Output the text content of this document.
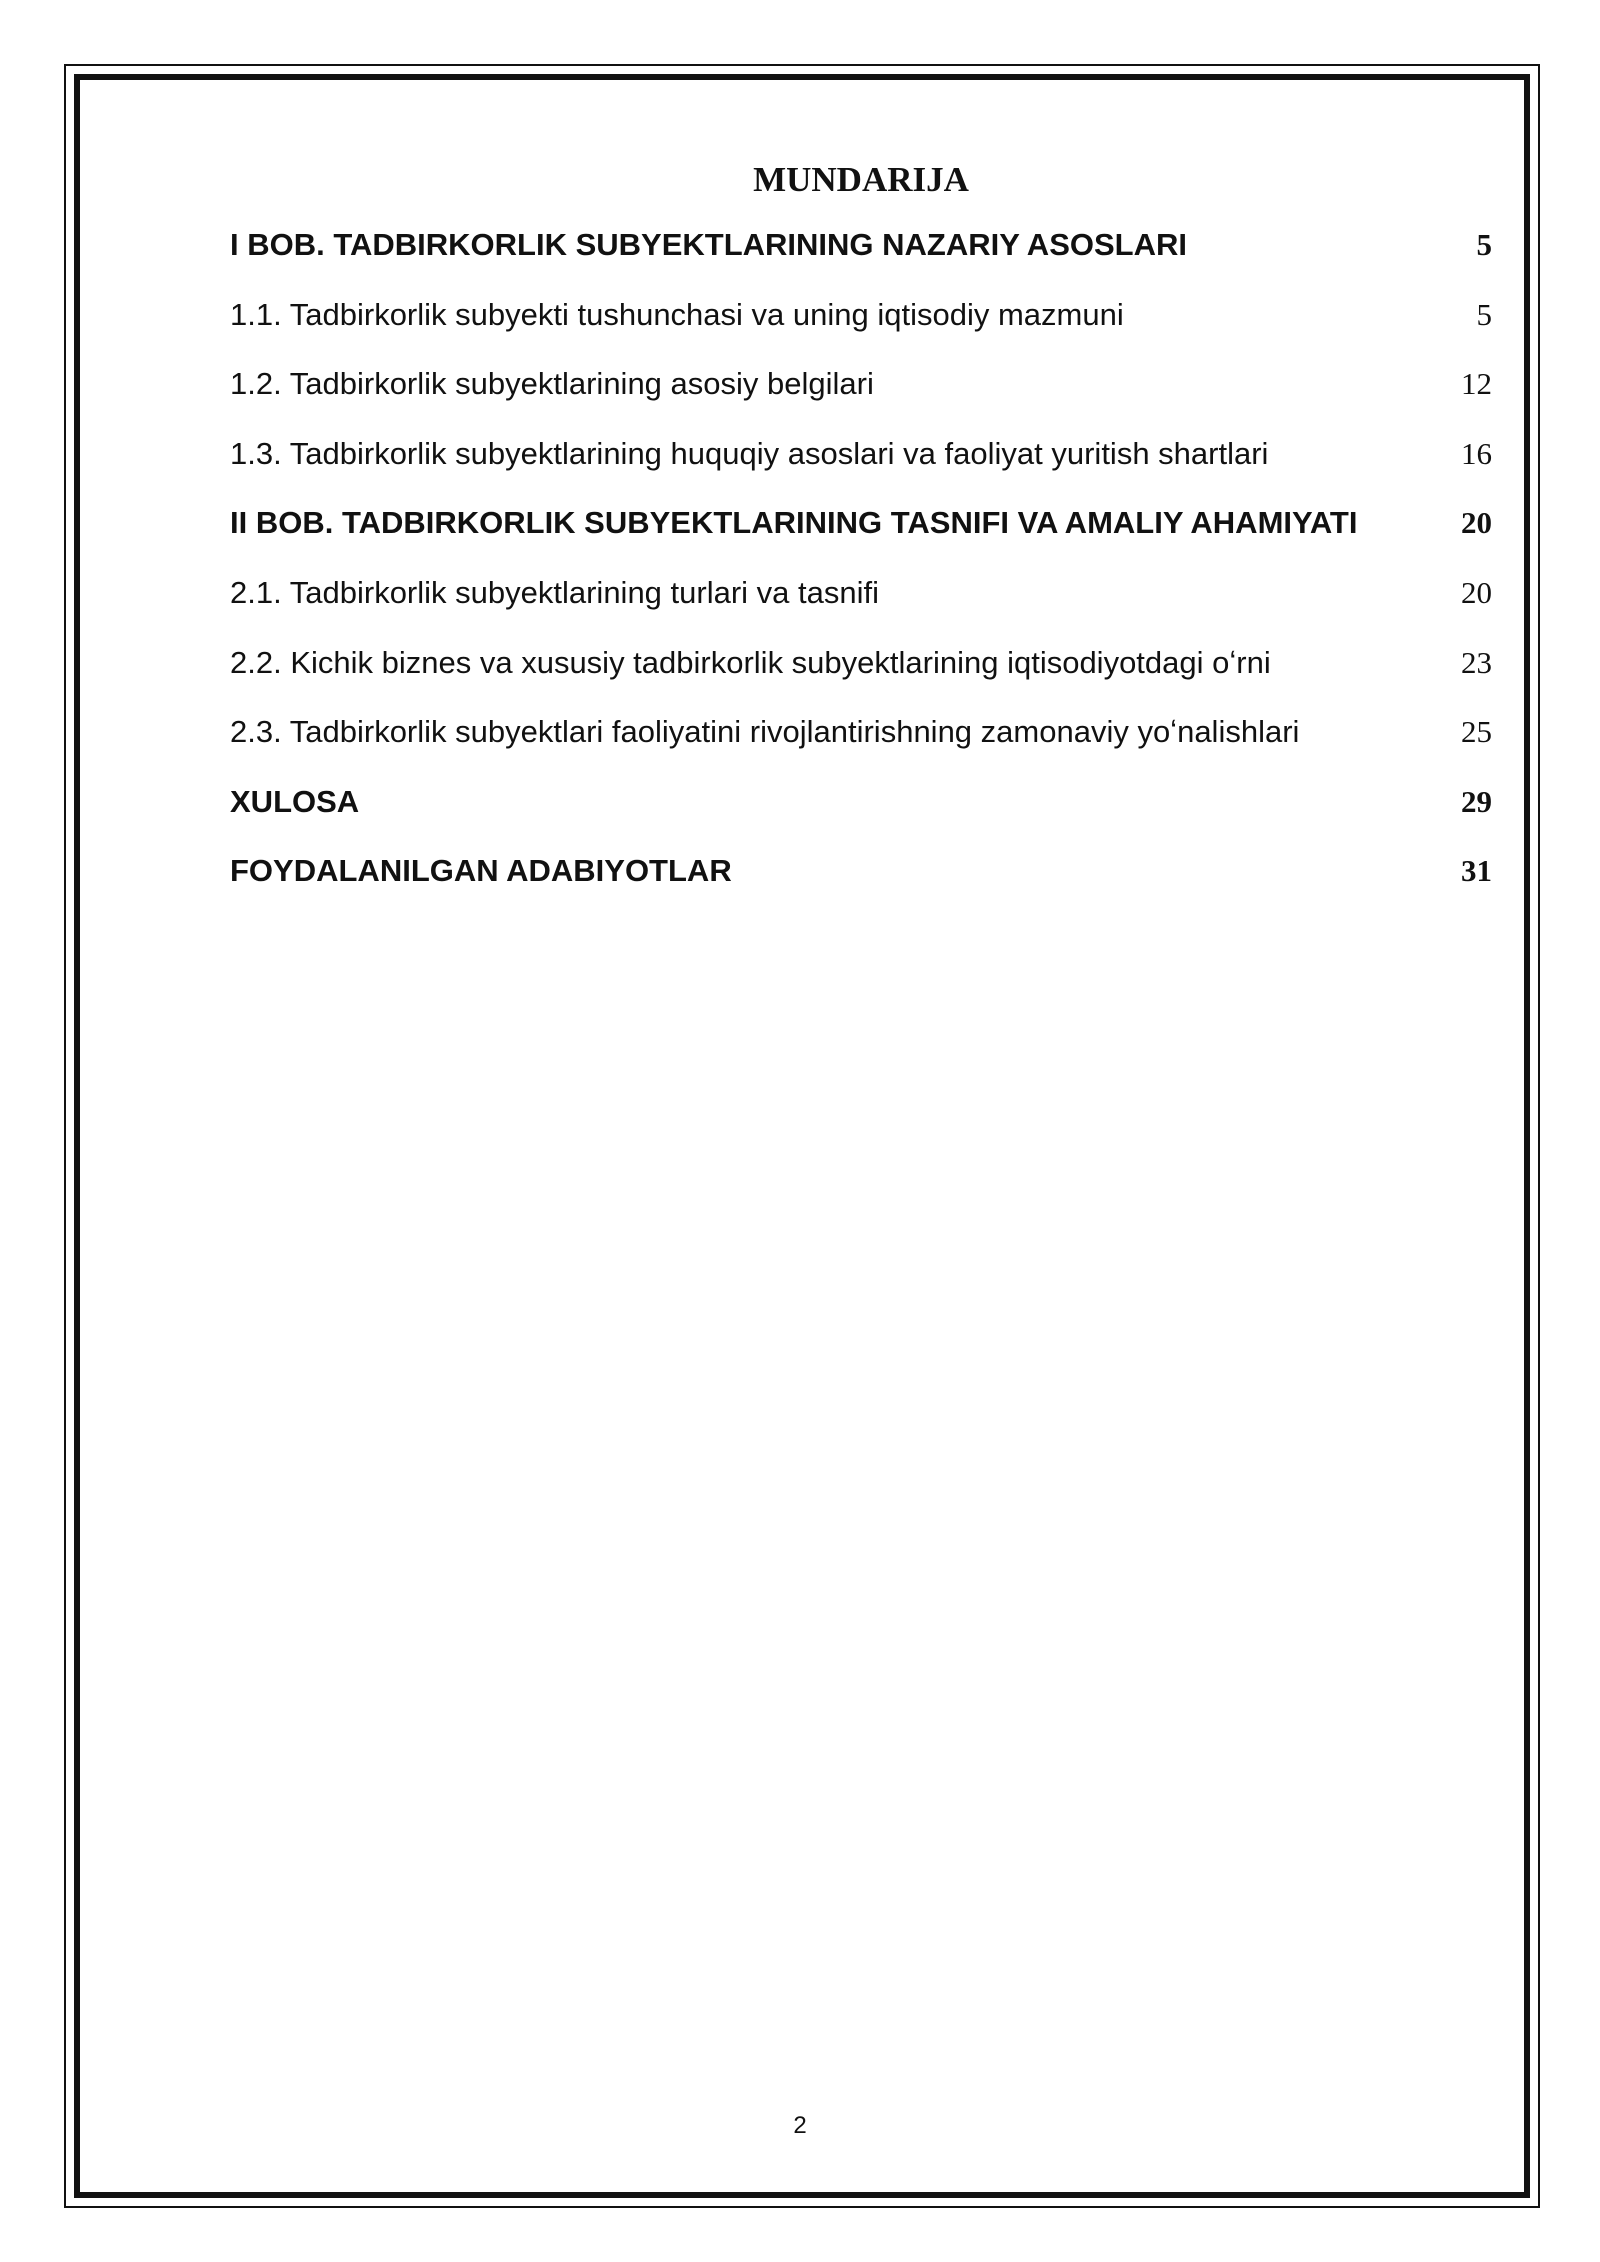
MUNDARIJA
I BOB. TADBIRKORLIK SUBYEKTLARINING NAZARIY ASOSLARI	5
1.1. Tadbirkorlik subyekti tushunchasi va uning iqtisodiy mazmuni	5
1.2. Tadbirkorlik subyektlarining asosiy belgilari	12
1.3. Tadbirkorlik subyektlarining huquqiy asoslari va faoliyat yuritish shartlari	16
II BOB. TADBIRKORLIK SUBYEKTLARINING TASNIFI VA AMALIY AHAMIYATI	20
2.1. Tadbirkorlik subyektlarining turlari va tasnifi	20
2.2. Kichik biznes va xususiy tadbirkorlik subyektlarining iqtisodiyotdagi oʻrni	23
2.3. Tadbirkorlik subyektlari faoliyatini rivojlantirishning zamonaviy yoʻnalishlari	25
XULOSA	29
FOYDALANILGAN ADABIYOTLAR	31
2
